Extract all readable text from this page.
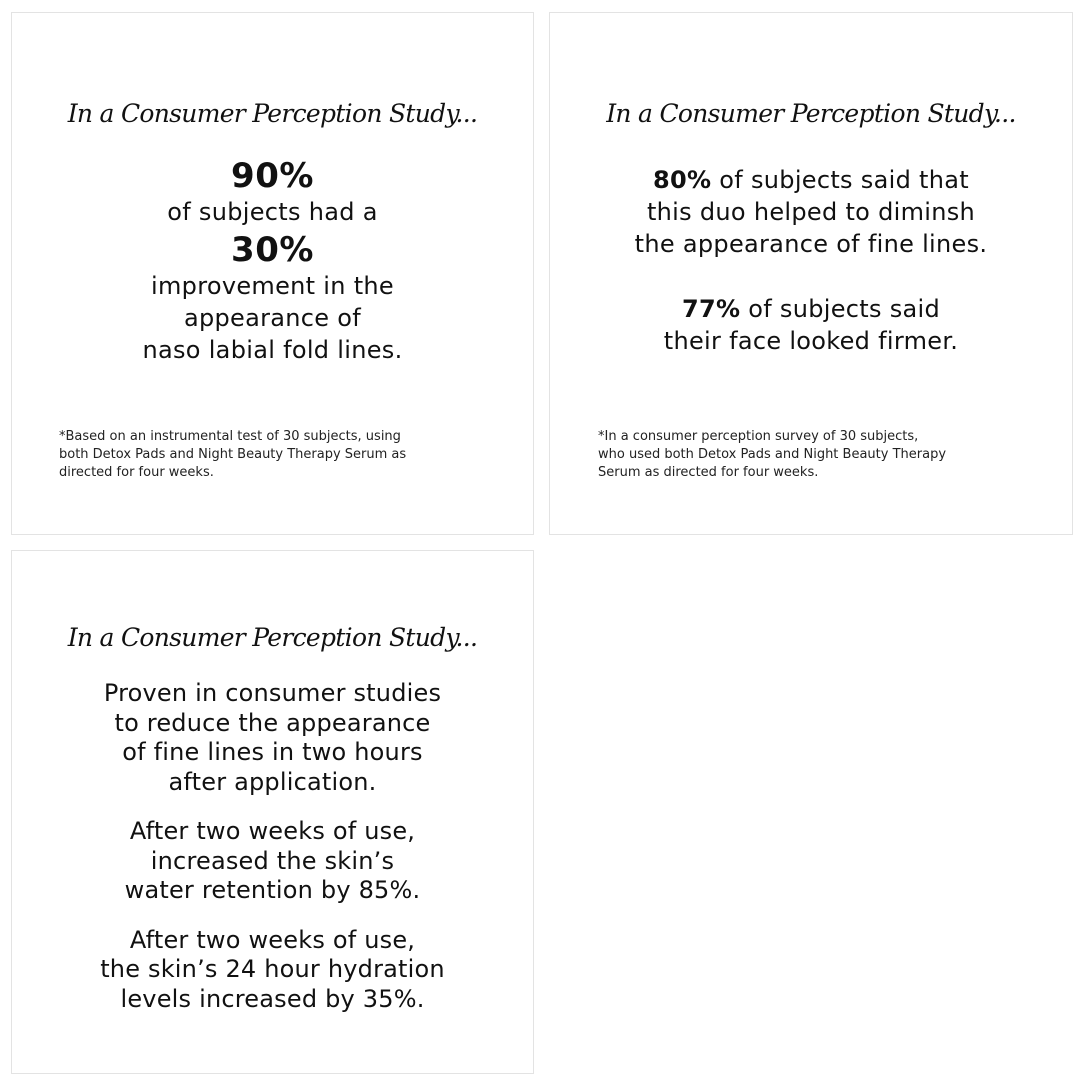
In a Consumer Perception Study...
90%
of subjects had a
30%
improvement in the
appearance of
naso labial fold lines.
*Based on an instrumental test of 30 subjects, using
both Detox Pads and Night Beauty Therapy Serum as
directed for four weeks.
In a Consumer Perception Study...
80% of subjects said that
this duo helped to diminsh
the appearance of fine lines.
77% of subjects said
their face looked firmer.
*In a consumer perception survey of 30 subjects,
who used both Detox Pads and Night Beauty Therapy
Serum as directed for four weeks.
In a Consumer Perception Study...
Proven in consumer studies
to reduce the appearance
of fine lines in two hours
after application.
After two weeks of use,
increased the skin’s
water retention by 85%.
After two weeks of use,
the skin’s 24 hour hydration
levels increased by 35%.
